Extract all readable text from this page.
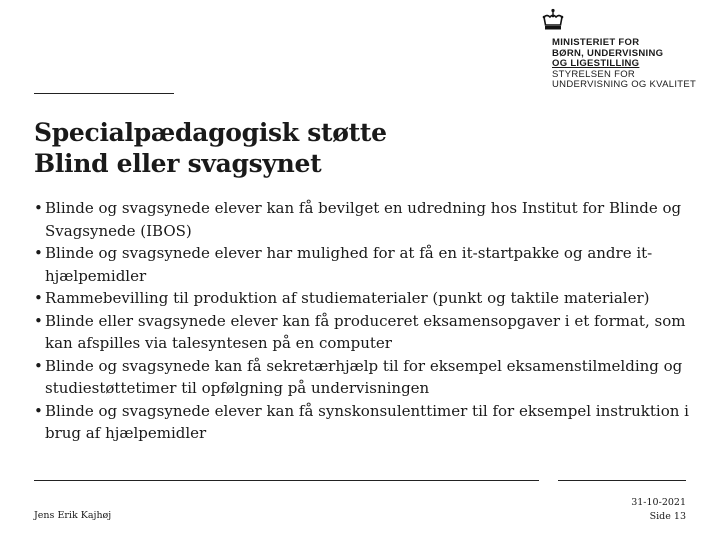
MINISTERIET FOR
BØRN, UNDERVISNING
OG LIGESTILLING
STYRELSEN FOR
UNDERVISNING OG KVALITET
Specialpædagogisk støtte
Blind eller svagsynet
• Blinde og svagsynede elever kan få bevilget en udredning hos Institut for Blinde og Svagsynede (IBOS)
• Blinde og svagsynede elever har mulighed for at få en it-startpakke og andre it-hjælpemidler
• Rammebevilling til produktion af studiematerialer (punkt og taktile materialer)
• Blinde eller svagsynede elever kan få produceret eksamensopgaver i et format, som kan afspilles via talesyntesen på en computer
• Blinde og svagsynede kan få sekretærhjælp til for eksempel eksamenstilmelding og studiestøttetimer til opfølgning på undervisningen
• Blinde og svagsynede elever kan få synskonsulenttimer til for eksempel instruktion i brug af hjælpemidler
Jens Erik Kajhøj
31-10-2021
Side 13
